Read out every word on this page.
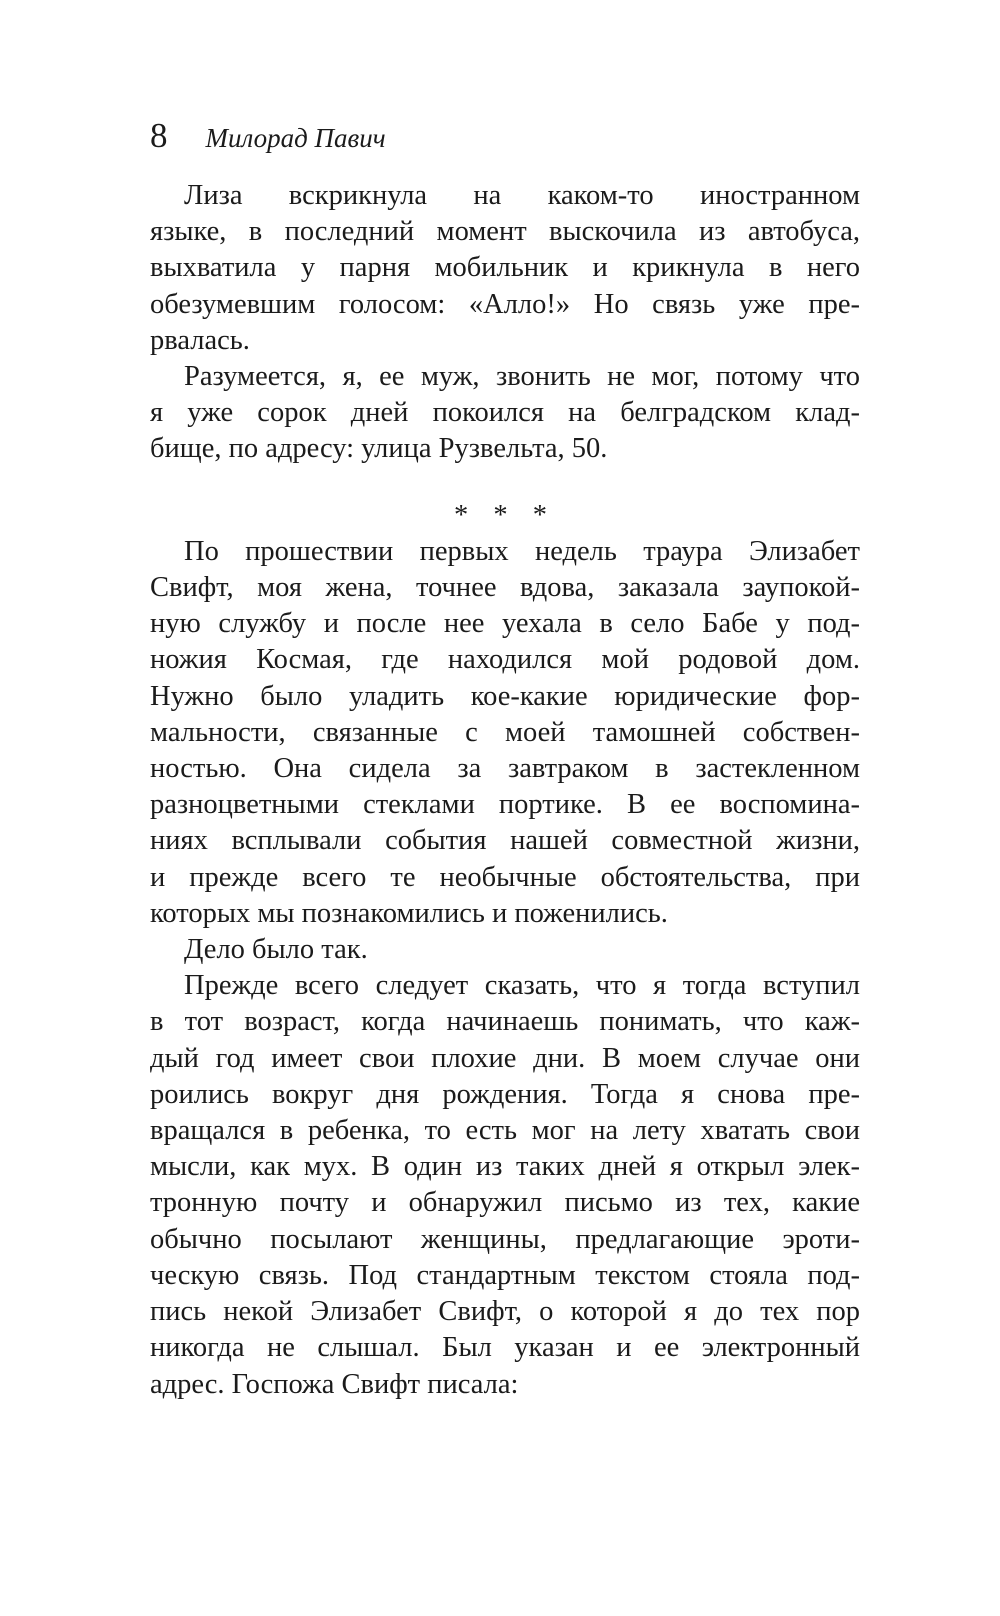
8 Милорад Павич
Лиза вскрикнула на каком-то иностранном
языке, в последний момент выскочила из автобуса,
выхватила у парня мобильник и крикнула в него
обезумевшим голосом: «Алло!» Но связь уже пре-
рвалась.
Разумеется, я, ее муж, звонить не мог, потому что
я уже сорок дней покоился на белградском клад-
бище, по адресу: улица Рузвельта, 50.
* * *
По прошествии первых недель траура Элизабет
Свифт, моя жена, точнее вдова, заказала заупокой-
ную службу и после нее уехала в село Бабе у под-
ножия Космая, где находился мой родовой дом.
Нужно было уладить кое-какие юридические фор-
мальности, связанные с моей тамошней собствен-
ностью. Она сидела за завтраком в застекленном
разноцветными стеклами портике. В ее воспомина-
ниях всплывали события нашей совместной жизни,
и прежде всего те необычные обстоятельства, при
которых мы познакомились и поженились.
Дело было так.
Прежде всего следует сказать, что я тогда вступил
в тот возраст, когда начинаешь понимать, что каж-
дый год имеет свои плохие дни. В моем случае они
роились вокруг дня рождения. Тогда я снова пре-
вращался в ребенка, то есть мог на лету хватать свои
мысли, как мух. В один из таких дней я открыл элек-
тронную почту и обнаружил письмо из тех, какие
обычно посылают женщины, предлагающие эроти-
ческую связь. Под стандартным текстом стояла под-
пись некой Элизабет Свифт, о которой я до тех пор
никогда не слышал. Был указан и ее электронный
адрес. Госпожа Свифт писала:
